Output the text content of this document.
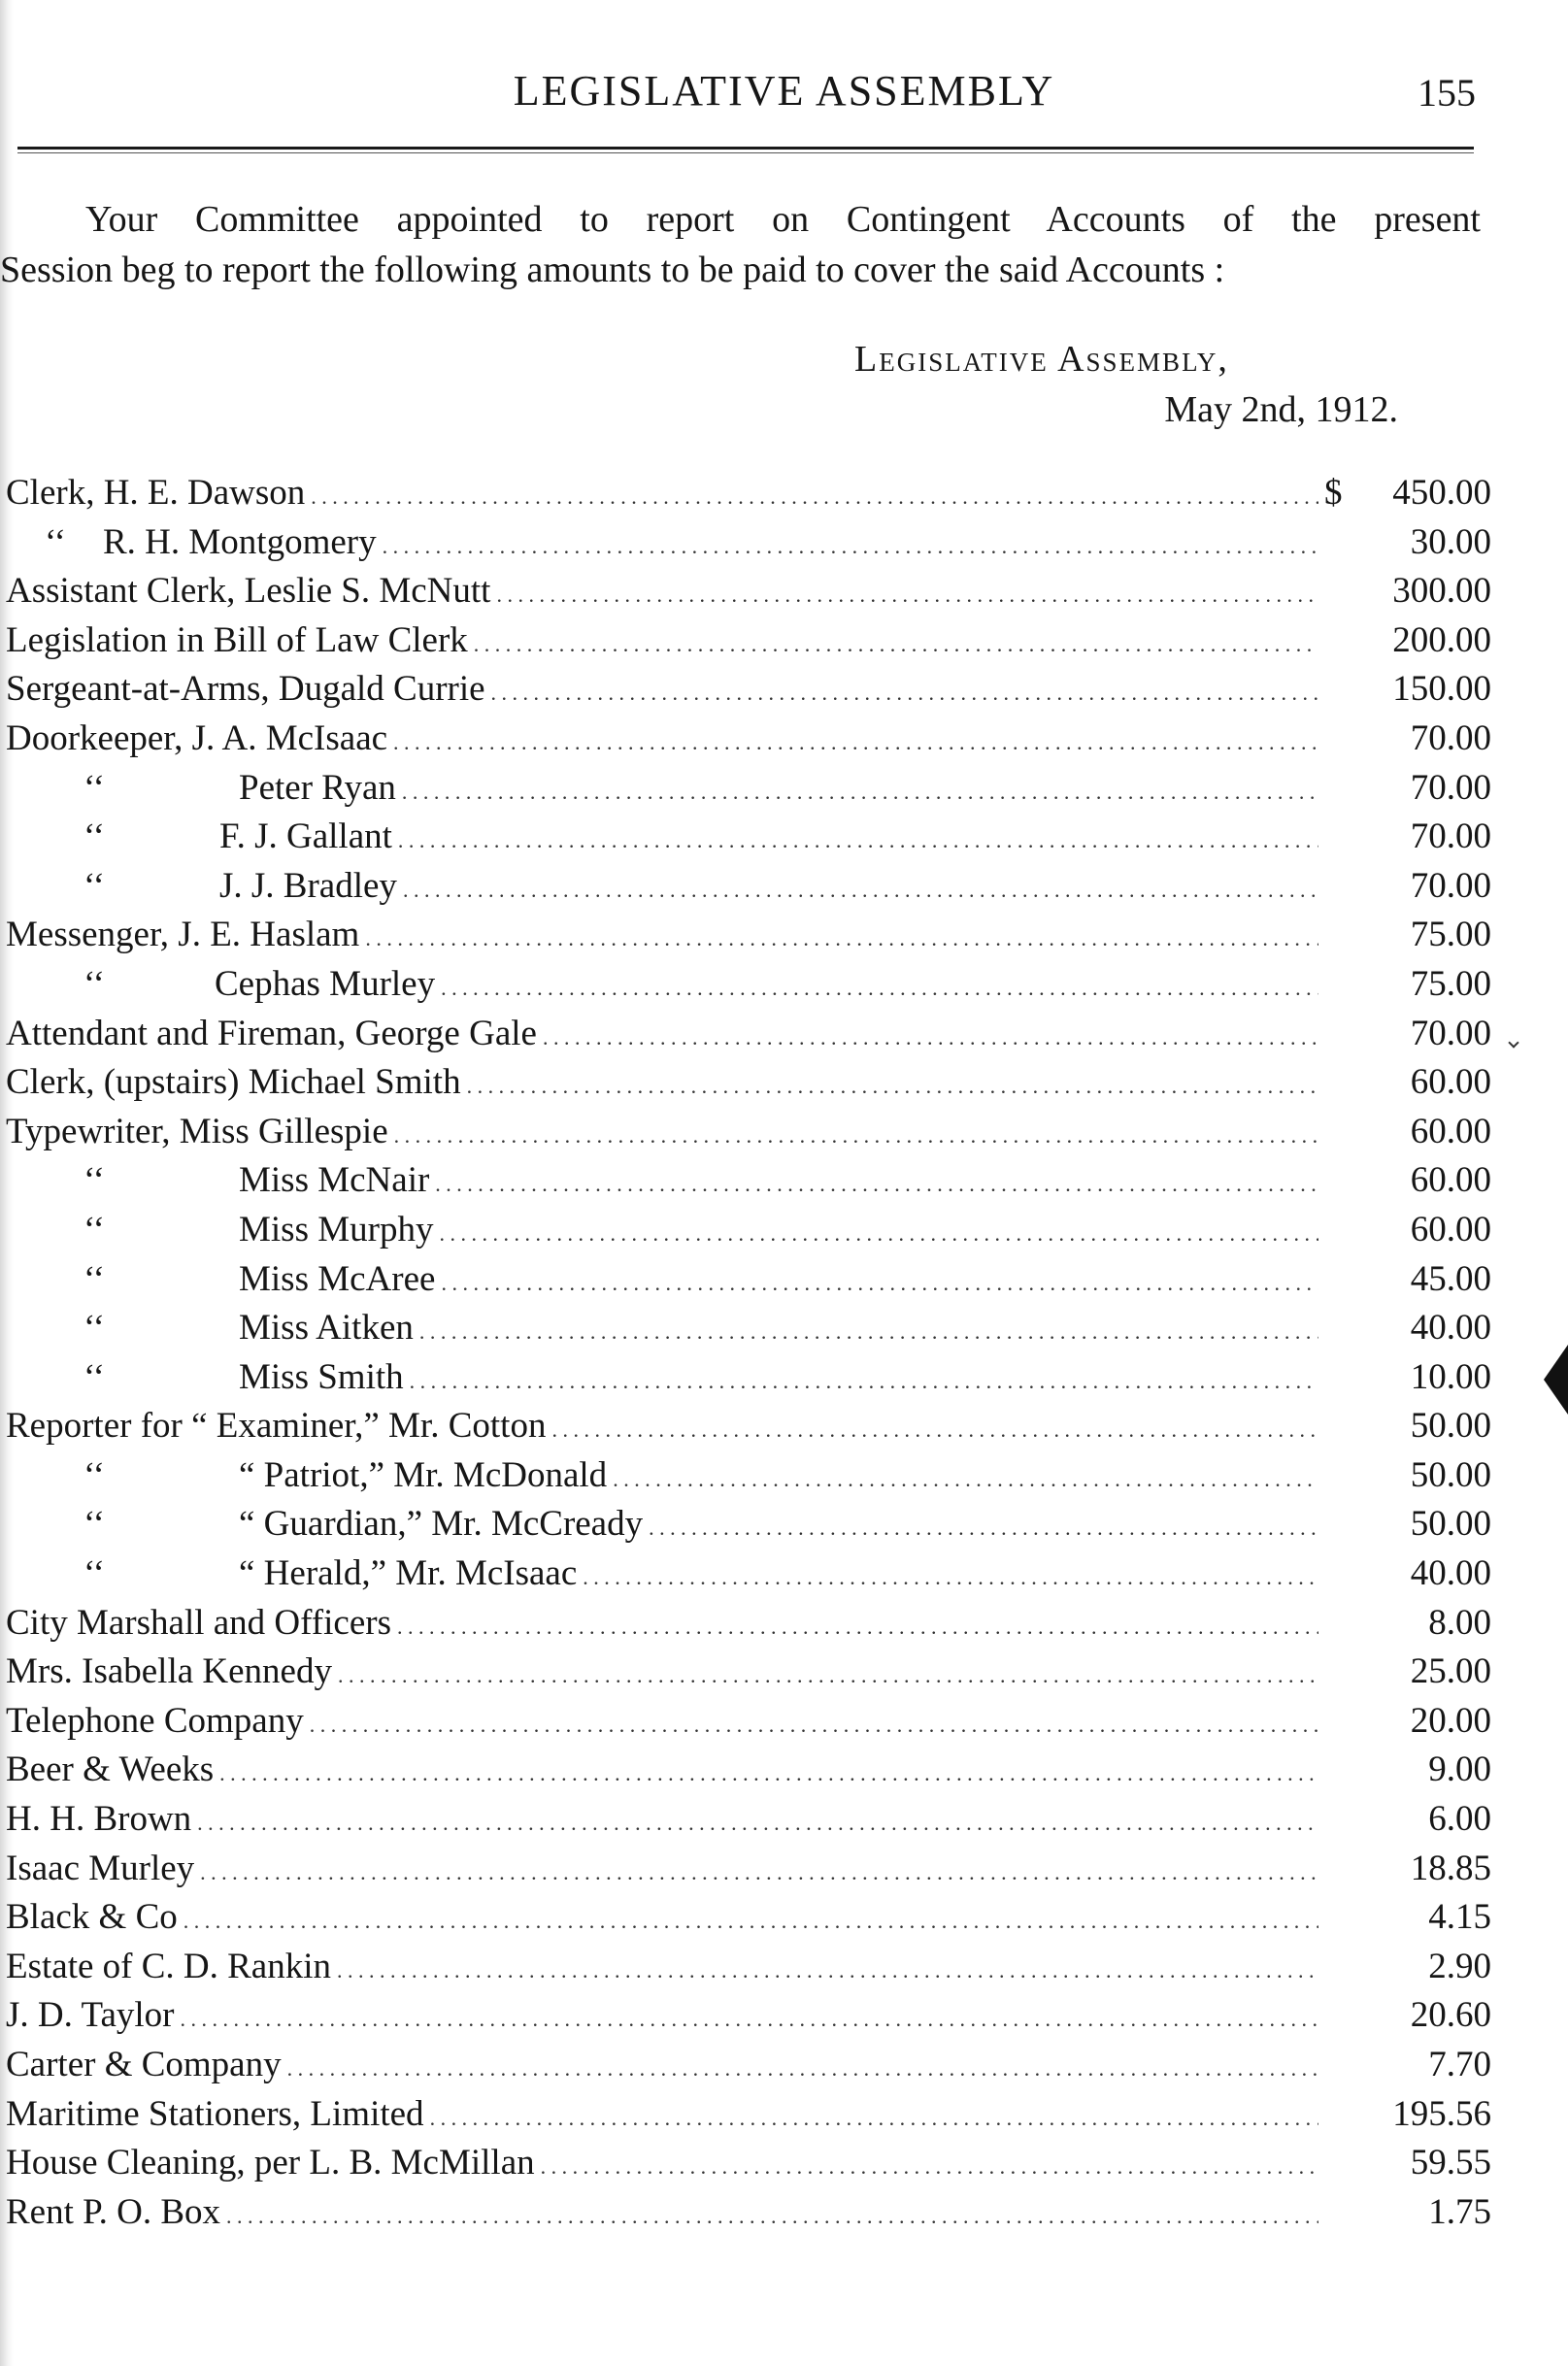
LEGISLATIVE ASSEMBLY	155
Your Committee appointed to report on Contingent Accounts of the present
Session beg to report the following amounts to be paid to cover the said Accounts :
Legislative Assembly,
May 2nd, 1912.
Clerk, H. E. Dawson . . .	$	450.00
‘‘ R. H. Montgomery . . .	30.00
Assistant Clerk, Leslie S. McNutt . . .	300.00
Legislation in Bill of Law Clerk . . .	200.00
Sergeant-at-Arms, Dugald Currie . . .	150.00
Doorkeeper, J. A. McIsaac . . .	70.00
‘‘	Peter Ryan . . .	70.00
‘‘	F. J. Gallant . . .	70.00
‘‘	J. J. Bradley . . .	70.00
Messenger, J. E. Haslam . . .	75.00
‘‘	Cephas Murley . . .	75.00
Attendant and Fireman, George Gale . . .	70.00
Clerk, (upstairs) Michael Smith . . .	60.00
Typewriter, Miss Gillespie . . .	60.00
‘‘	Miss McNair . . .	60.00
‘‘	Miss Murphy . . .	60.00
‘‘	Miss McAree . . .	45.00
‘‘	Miss Aitken . . .	40.00
‘‘	Miss Smith . . .	10.00
Reporter for “ Examiner,” Mr. Cotton . . .	50.00
‘‘	“ Patriot,” Mr. McDonald . . .	50.00
‘‘	“ Guardian,” Mr. McCready . . .	50.00
‘‘	“ Herald,” Mr. McIsaac . . .	40.00
City Marshall and Officers . . .	8.00
Mrs. Isabella Kennedy . . .	25.00
Telephone Company . . .	20.00
Beer & Weeks . . .	9.00
H. H. Brown . . .	6.00
Isaac Murley . . .	18.85
Black & Co . . .	4.15
Estate of C. D. Rankin . . .	2.90
J. D. Taylor . . .	20.60
Carter & Company . . .	7.70
Maritime Stationers, Limited . . .	195.56
House Cleaning, per L. B. McMillan . . .	59.55
Rent P. O. Box . . .	1.75
